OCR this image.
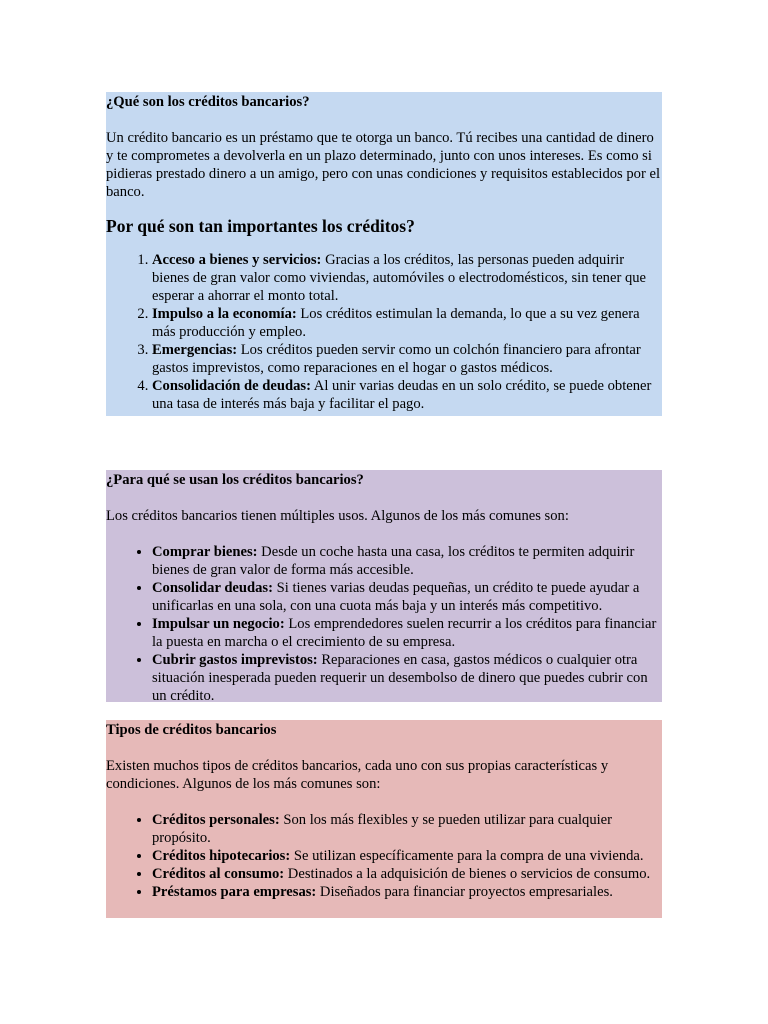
¿Qué son los créditos bancarios?

Un crédito bancario es un préstamo que te otorga un banco. Tú recibes una cantidad de dinero y te comprometes a devolverla en un plazo determinado, junto con unos intereses. Es como si pidieras prestado dinero a un amigo, pero con unas condiciones y requisitos establecidos por el banco.

Por qué son tan importantes los créditos?

1. Acceso a bienes y servicios: Gracias a los créditos, las personas pueden adquirir bienes de gran valor como viviendas, automóviles o electrodomésticos, sin tener que esperar a ahorrar el monto total.
2. Impulso a la economía: Los créditos estimulan la demanda, lo que a su vez genera más producción y empleo.
3. Emergencias: Los créditos pueden servir como un colchón financiero para afrontar gastos imprevistos, como reparaciones en el hogar o gastos médicos.
4. Consolidación de deudas: Al unir varias deudas en un solo crédito, se puede obtener una tasa de interés más baja y facilitar el pago.

¿Para qué se usan los créditos bancarios?

Los créditos bancarios tienen múltiples usos. Algunos de los más comunes son:

• Comprar bienes: Desde un coche hasta una casa, los créditos te permiten adquirir bienes de gran valor de forma más accesible.
• Consolidar deudas: Si tienes varias deudas pequeñas, un crédito te puede ayudar a unificarlas en una sola, con una cuota más baja y un interés más competitivo.
• Impulsar un negocio: Los emprendedores suelen recurrir a los créditos para financiar la puesta en marcha o el crecimiento de su empresa.
• Cubrir gastos imprevistos: Reparaciones en casa, gastos médicos o cualquier otra situación inesperada pueden requerir un desembolso de dinero que puedes cubrir con un crédito.

Tipos de créditos bancarios

Existen muchos tipos de créditos bancarios, cada uno con sus propias características y condiciones. Algunos de los más comunes son:

• Créditos personales: Son los más flexibles y se pueden utilizar para cualquier propósito.
• Créditos hipotecarios: Se utilizan específicamente para la compra de una vivienda.
• Créditos al consumo: Destinados a la adquisición de bienes o servicios de consumo.
• Préstamos para empresas: Diseñados para financiar proyectos empresariales.
